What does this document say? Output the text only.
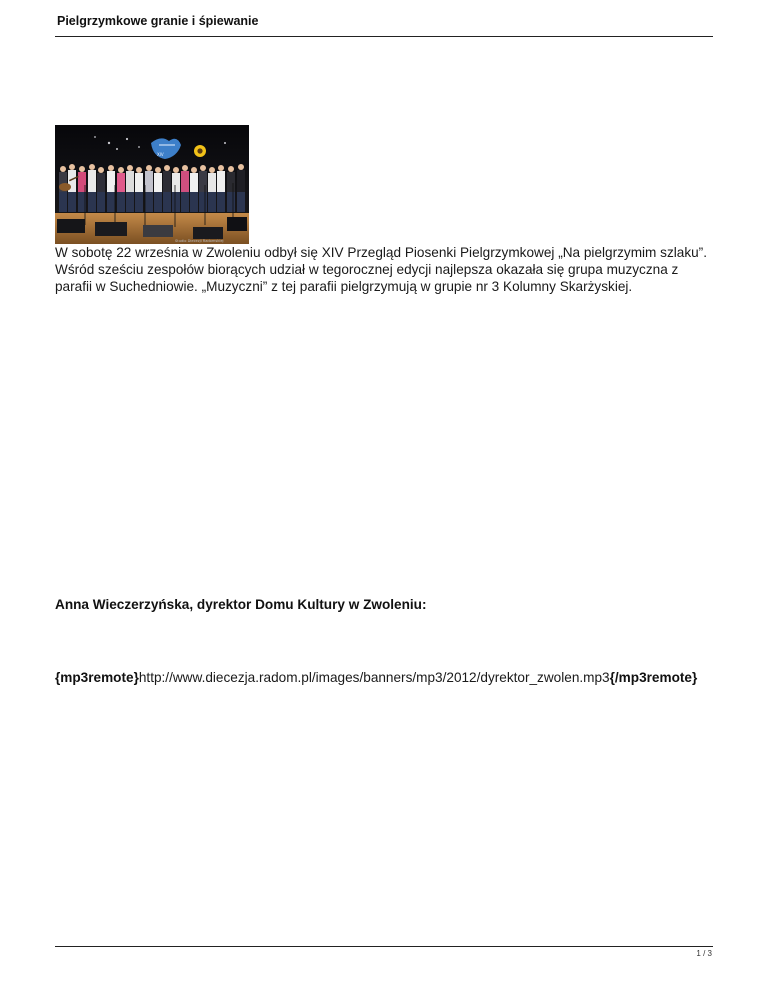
Pielgrzymkowe granie i śpiewanie
XIV
Studio Diecezji Radomskiej

W sobotę 22 września w Zwoleniu odbył się XIV Przegląd Piosenki Pielgrzymkowej „Na pielgrzymim szlaku”. Wśród sześciu zespołów biorących udział w tegorocznej edycji najlepsza okazała się grupa muzyczna z parafii w Suchedniowie. „Muzyczni” z tej parafii pielgrzymują w grupie nr 3 Kolumny Skarżyskiej.

Anna Wieczerzyńska, dyrektor Domu Kultury w Zwoleniu:

{mp3remote}http://www.diecezja.radom.pl/images/banners/mp3/2012/dyrektor_zwolen.mp3{/mp3remote}

1 / 3
